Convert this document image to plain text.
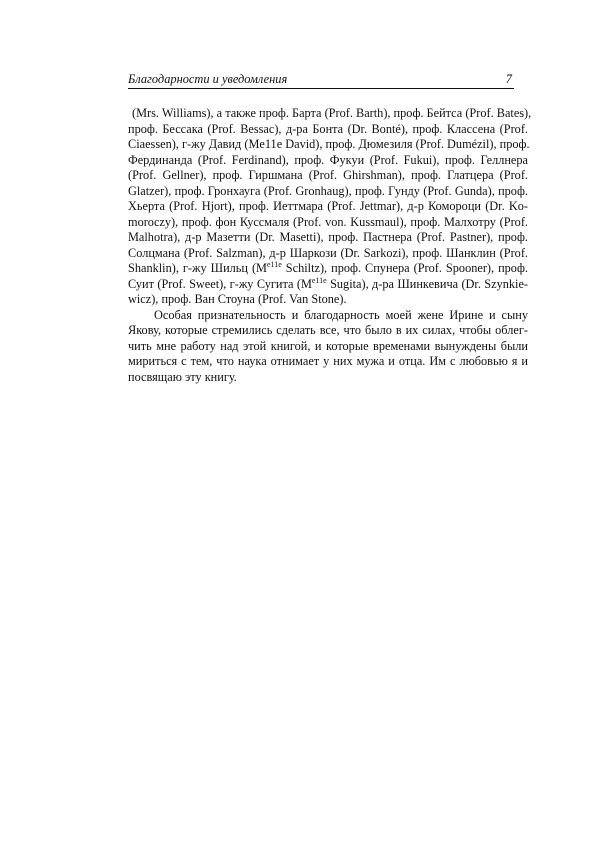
Благодарности и уведомления	7
(Mrs. Williams), а также проф. Барта (Prof. Barth), проф. Бейтса (Prof. Bates),
проф. Бессака (Prof. Bessac), д-ра Бонта (Dr. Bonté), проф. Классена (Prof.
Ciaessen), г-жу Давид (Me11e David), проф. Дюмезиля (Prof. Dumézil), проф.
Фердинанда (Prof. Ferdinand), проф. Фукуи (Prof. Fukui), проф. Геллнера
(Prof. Gellner), проф. Гиршмана (Prof. Ghirshman), проф. Глатцера (Prof.
Glatzer), проф. Гронхауга (Prof. Gronhaug), проф. Гунду (Prof. Gunda), проф.
Хьерта (Prof. Hjort), проф. Иеттмара (Prof. Jettmar), д-р Комороци (Dr. Ko-
moroczy), проф. фон Куссмаля (Prof. von. Kussmaul), проф. Малхотру (Prof.
Malhotra), д-р Мазетти (Dr. Masetti), проф. Пастнера (Prof. Pastner), проф.
Солцмана (Prof. Salzman), д-р Шаркози (Dr. Sarkozi), проф. Шанклин (Prof.
Shanklin), г-жу Шильц ($M^{e11e}$ Schiltz), проф. Спунера (Prof. Spooner), проф.
Суит (Prof. Sweet), г-жу Сугита ($M^{e11e}$ Sugita), д-ра Шинкевича (Dr. Szynkie-
wicz), проф. Ван Стоуна (Prof. Van Stone).
Особая признательность и благодарность моей жене Ирине и сыну
Якову, которые стремились сделать все, что было в их силах, чтобы облег-
чить мне работу над этой книгой, и которые временами вынуждены были
мириться с тем, что наука отнимает у них мужа и отца. Им с любовью я и
посвящаю эту книгу.
